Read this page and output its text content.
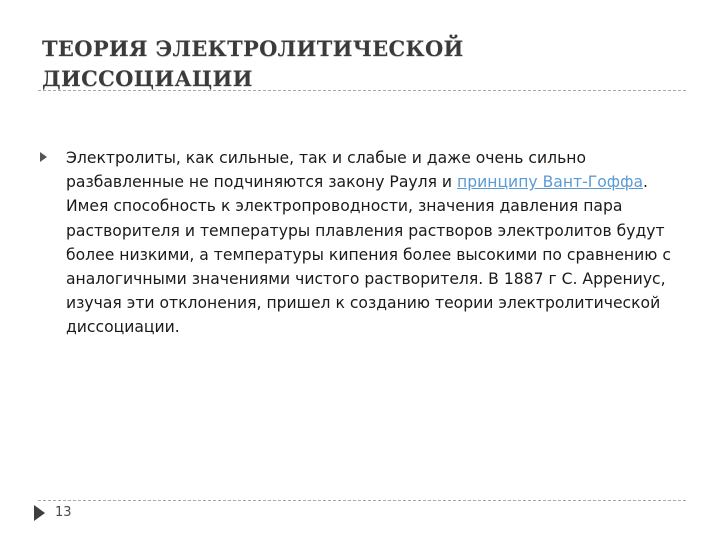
ТЕОРИЯ ЭЛЕКТРОЛИТИЧЕСКОЙ
ДИССОЦИАЦИИ
Электролиты, как сильные, так и слабые и даже очень сильно разбавленные не подчиняются закону Рауля и принципу Вант-Гоффа. Имея способность к электропроводности, значения давления пара растворителя и температуры плавления растворов электролитов будут более низкими, а температуры кипения более высокими по сравнению с аналогичными значениями чистого растворителя. В 1887 г С. Аррениус, изучая эти отклонения, пришел к созданию теории электролитической диссоциации.
13
